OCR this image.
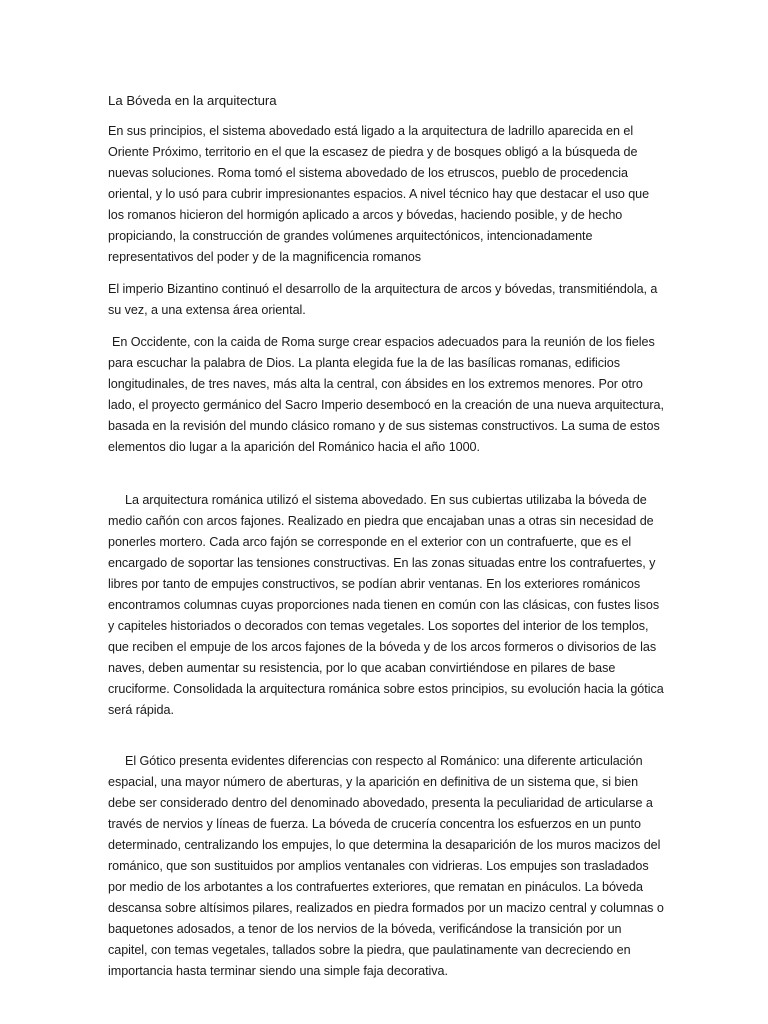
La Bóveda en la arquitectura

En sus principios, el sistema abovedado está ligado a la arquitectura de ladrillo aparecida en el Oriente Próximo, territorio en el que la escasez de piedra y de bosques obligó a la búsqueda de nuevas soluciones. Roma tomó el sistema abovedado de los etruscos, pueblo de procedencia oriental, y lo usó para cubrir impresionantes espacios. A nivel técnico hay que destacar el uso que los romanos hicieron del hormigón aplicado a arcos y bóvedas, haciendo posible, y de hecho propiciando, la construcción de grandes volúmenes arquitectónicos, intencionadamente representativos del poder y de la magnificencia romanos

El imperio Bizantino continuó el desarrollo de la arquitectura de arcos y bóvedas, transmitiéndola, a su vez, a una extensa área oriental.

En Occidente, con la caida de Roma surge crear espacios adecuados para la reunión de los fieles para escuchar la palabra de Dios. La planta elegida fue la de las basílicas romanas, edificios longitudinales, de tres naves, más alta la central, con ábsides en los extremos menores. Por otro lado, el proyecto germánico del Sacro Imperio desembocó en la creación de una nueva arquitectura, basada en la revisión del mundo clásico romano y de sus sistemas constructivos. La suma de estos elementos dio lugar a la aparición del Románico hacia el año 1000.

La arquitectura románica utilizó el sistema abovedado. En sus cubiertas utilizaba la bóveda de medio cañón con arcos fajones. Realizado en piedra que encajaban unas a otras sin necesidad de ponerles mortero. Cada arco fajón se corresponde en el exterior con un contrafuerte, que es el encargado de soportar las tensiones constructivas. En las zonas situadas entre los contrafuertes, y libres por tanto de empujes constructivos, se podían abrir ventanas. En los exteriores románicos encontramos columnas cuyas proporciones nada tienen en común con las clásicas, con fustes lisos y capiteles historiados o decorados con temas vegetales. Los soportes del interior de los templos, que reciben el empuje de los arcos fajones de la bóveda y de los arcos formeros o divisorios de las naves, deben aumentar su resistencia, por lo que acaban convirtiéndose en pilares de base cruciforme. Consolidada la arquitectura románica sobre estos principios, su evolución hacia la gótica será rápida.

El Gótico presenta evidentes diferencias con respecto al Románico: una diferente articulación espacial, una mayor número de aberturas, y la aparición en definitiva de un sistema que, si bien debe ser considerado dentro del denominado abovedado, presenta la peculiaridad de articularse a través de nervios y líneas de fuerza. La bóveda de crucería concentra los esfuerzos en un punto determinado, centralizando los empujes, lo que determina la desaparición de los muros macizos del románico, que son sustituidos por amplios ventanales con vidrieras. Los empujes son trasladados por medio de los arbotantes a los contrafuertes exteriores, que rematan en pináculos. La bóveda descansa sobre altísimos pilares, realizados en piedra formados por un macizo central y columnas o baquetones adosados, a tenor de los nervios de la bóveda, verificándose la transición por un capitel, con temas vegetales, tallados sobre la piedra, que paulatinamente van decreciendo en importancia hasta terminar siendo una simple faja decorativa.
